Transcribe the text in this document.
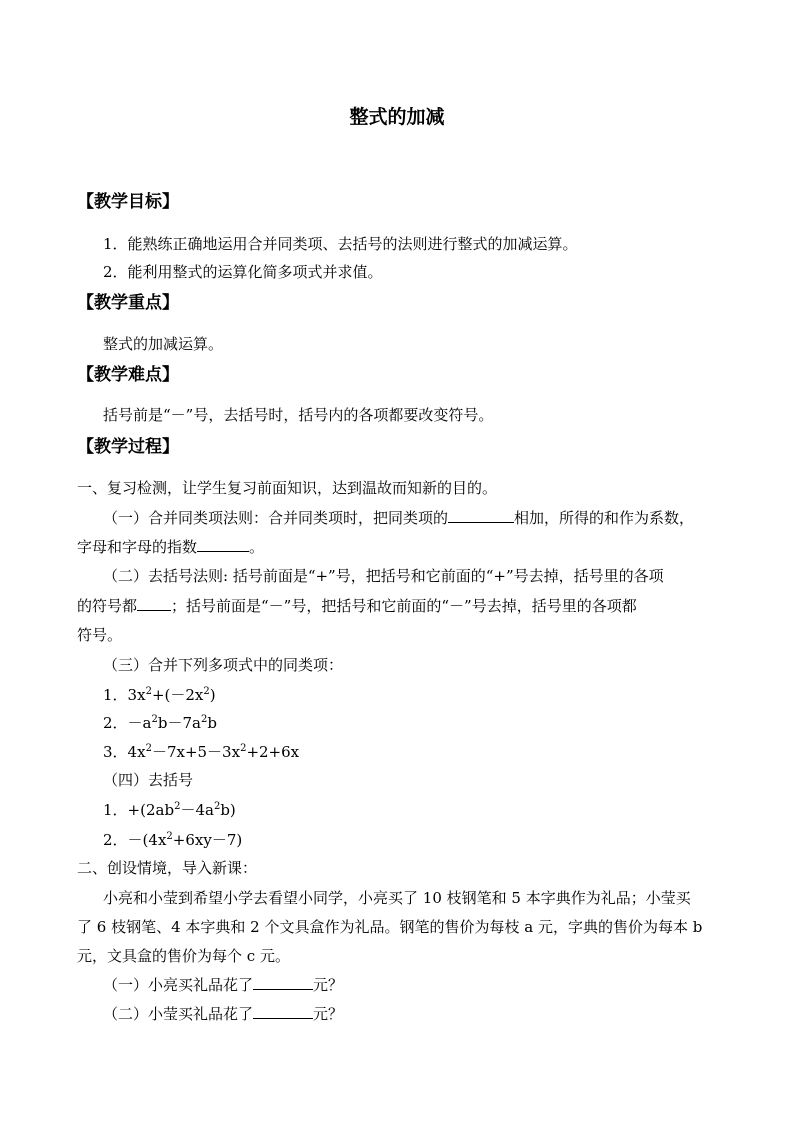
整式的加减
【教学目标】
1．能熟练正确地运用合并同类项、去括号的法则进行整式的加减运算。
2．能利用整式的运算化简多项式并求值。
【教学重点】
整式的加减运算。
【教学难点】
括号前是“－”号，去括号时，括号内的各项都要改变符号。
【教学过程】
一、复习检测，让学生复习前面知识，达到温故而知新的目的。
（一）合并同类项法则：合并同类项时，把同类项的	相加，所得的和作为系数，
字母和字母的指数	。
（二）去括号法则: 括号前面是“+”号，把括号和它前面的“+”号去掉，括号里的各项
的符号都 ；括号前面是“－”号，把括号和它前面的“－”号去掉，括号里的各项都
符号。
（三）合并下列多项式中的同类项：
1．$3x^2+(-2x^2)$
2．$-a^2b-7a^2b$
3．$4x^2-7x+5-3x^2+2+6x$
（四）去括号
1．$+(2ab^2-4a^2b)$
2．$-(4x^2+6xy-7)$
二、创设情境，导入新课：
小亮和小莹到希望小学去看望小同学，小亮买了 10 枝钢笔和 5 本字典作为礼品；小莹买
了 6 枝钢笔、4 本字典和 2 个文具盒作为礼品。钢笔的售价为每枝 a 元，字典的售价为每本 b
元，文具盒的售价为每个 c 元。
（一）小亮买礼品花了	元？
（二）小莹买礼品花了	元？
